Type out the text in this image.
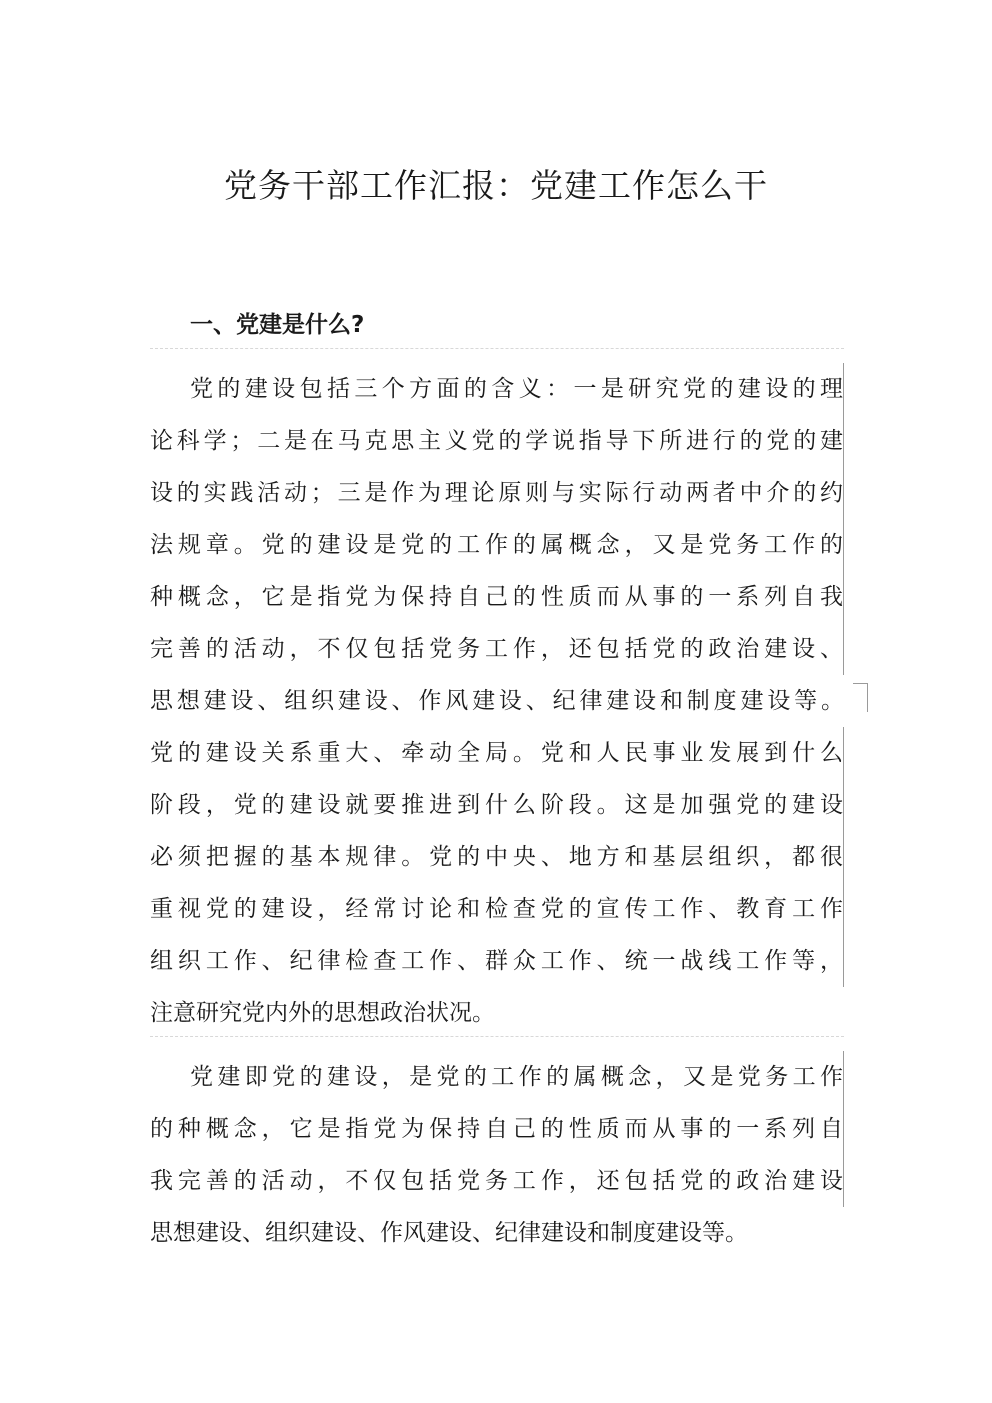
党务干部工作汇报：党建工作怎么干
一、党建是什么?
党的建设包括三个方面的含义：一是研究党的建设的理
论科学；二是在马克思主义党的学说指导下所进行的党的建
设的实践活动；三是作为理论原则与实际行动两者中介的约
法规章。党的建设是党的工作的属概念，又是党务工作的
种概念，它是指党为保持自己的性质而从事的一系列自我
完善的活动，不仅包括党务工作，还包括党的政治建设、
思想建设、组织建设、作风建设、纪律建设和制度建设等。
党的建设关系重大、牵动全局。党和人民事业发展到什么
阶段，党的建设就要推进到什么阶段。这是加强党的建设
必须把握的基本规律。党的中央、地方和基层组织，都很
重视党的建设，经常讨论和检查党的宣传工作、教育工作
组织工作、纪律检查工作、群众工作、统一战线工作等，
注意研究党内外的思想政治状况。
党建即党的建设，是党的工作的属概念，又是党务工作
的种概念，它是指党为保持自己的性质而从事的一系列自
我完善的活动，不仅包括党务工作，还包括党的政治建设
思想建设、组织建设、作风建设、纪律建设和制度建设等。
